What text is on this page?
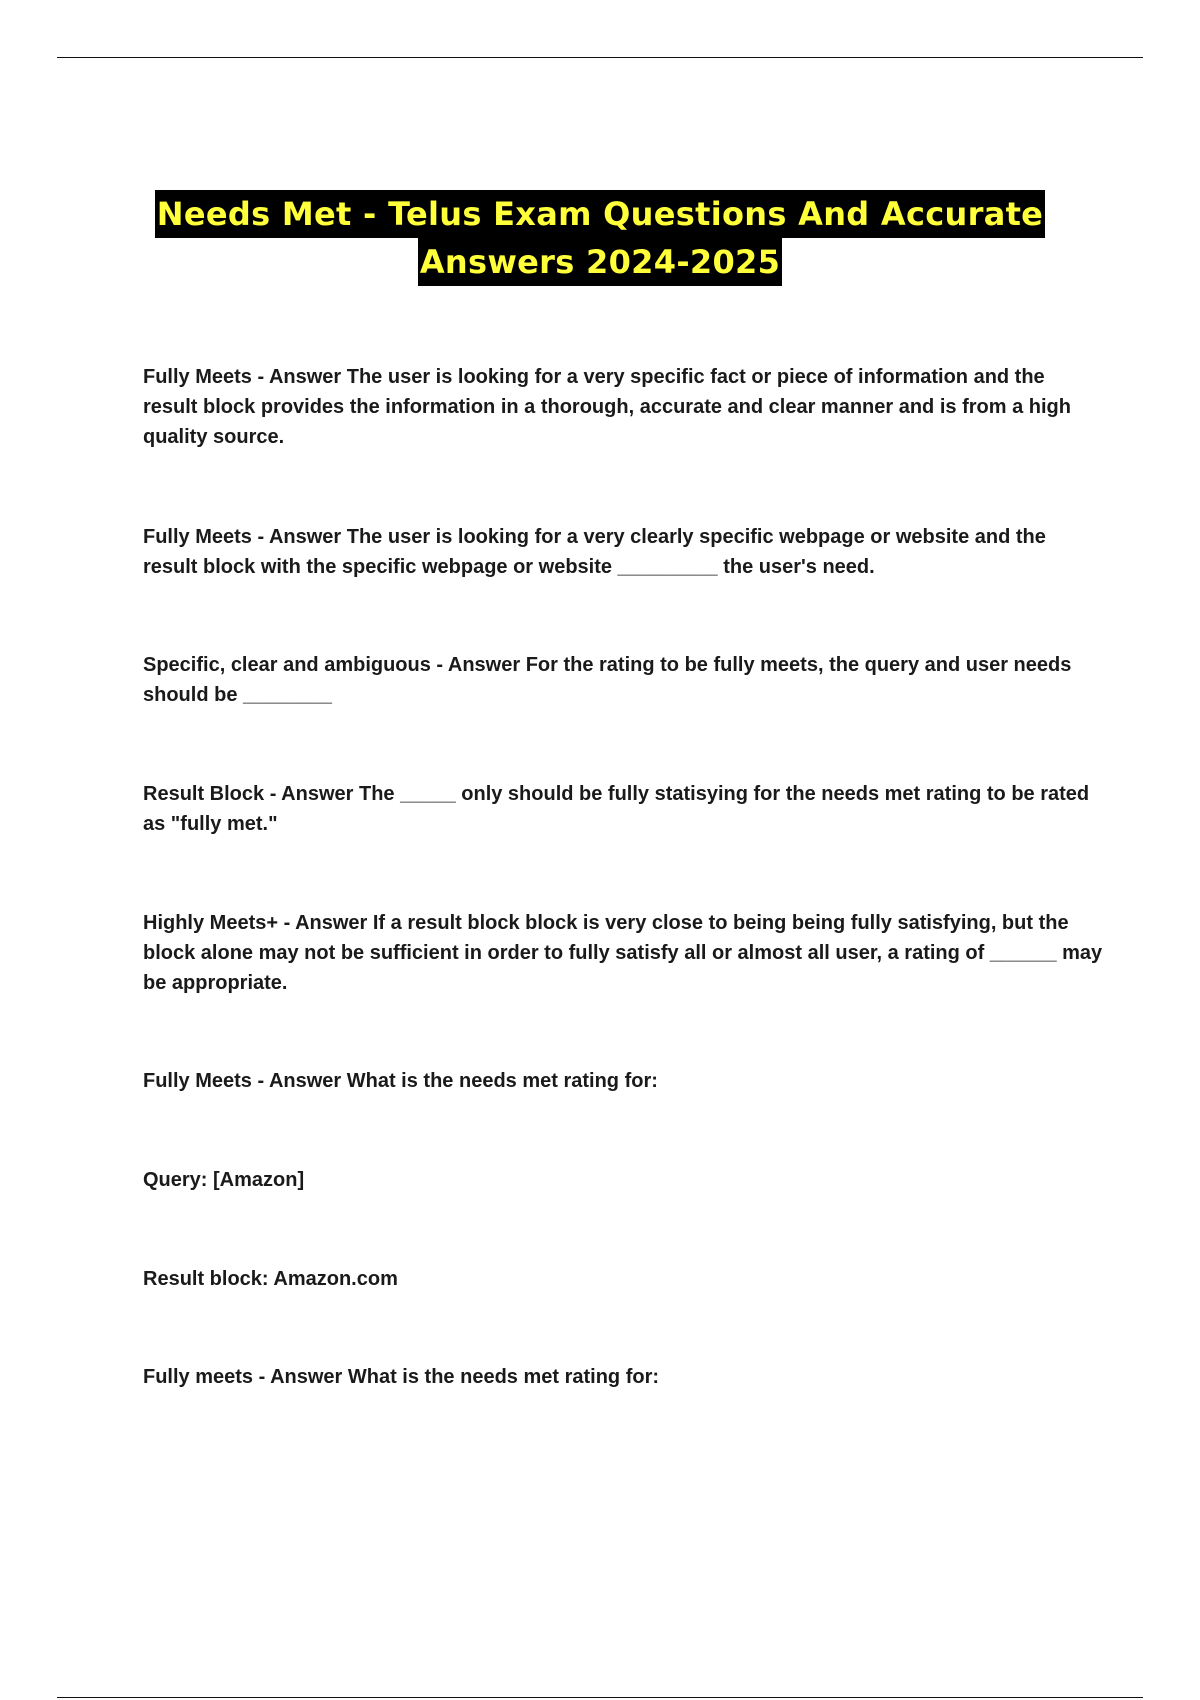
Needs Met - Telus Exam Questions And Accurate
Answers 2024-2025

Fully Meets - Answer The user is looking for a very specific fact or piece of information and the result block provides the information in a thorough, accurate and clear manner and is from a high quality source.

Fully Meets - Answer The user is looking for a very clearly specific webpage or website and the result block with the specific webpage or website _________ the user's need.

Specific, clear and ambiguous - Answer For the rating to be fully meets, the query and user needs should be ________

Result Block - Answer The _____ only should be fully statisying for the needs met rating to be rated as "fully met."

Highly Meets+ - Answer If a result block block is very close to being being fully satisfying, but the block alone may not be sufficient in order to fully satisfy all or almost all user, a rating of ______ may be appropriate.

Fully Meets - Answer What is the needs met rating for:

Query: [Amazon]

Result block: Amazon.com

Fully meets - Answer What is the needs met rating for:
